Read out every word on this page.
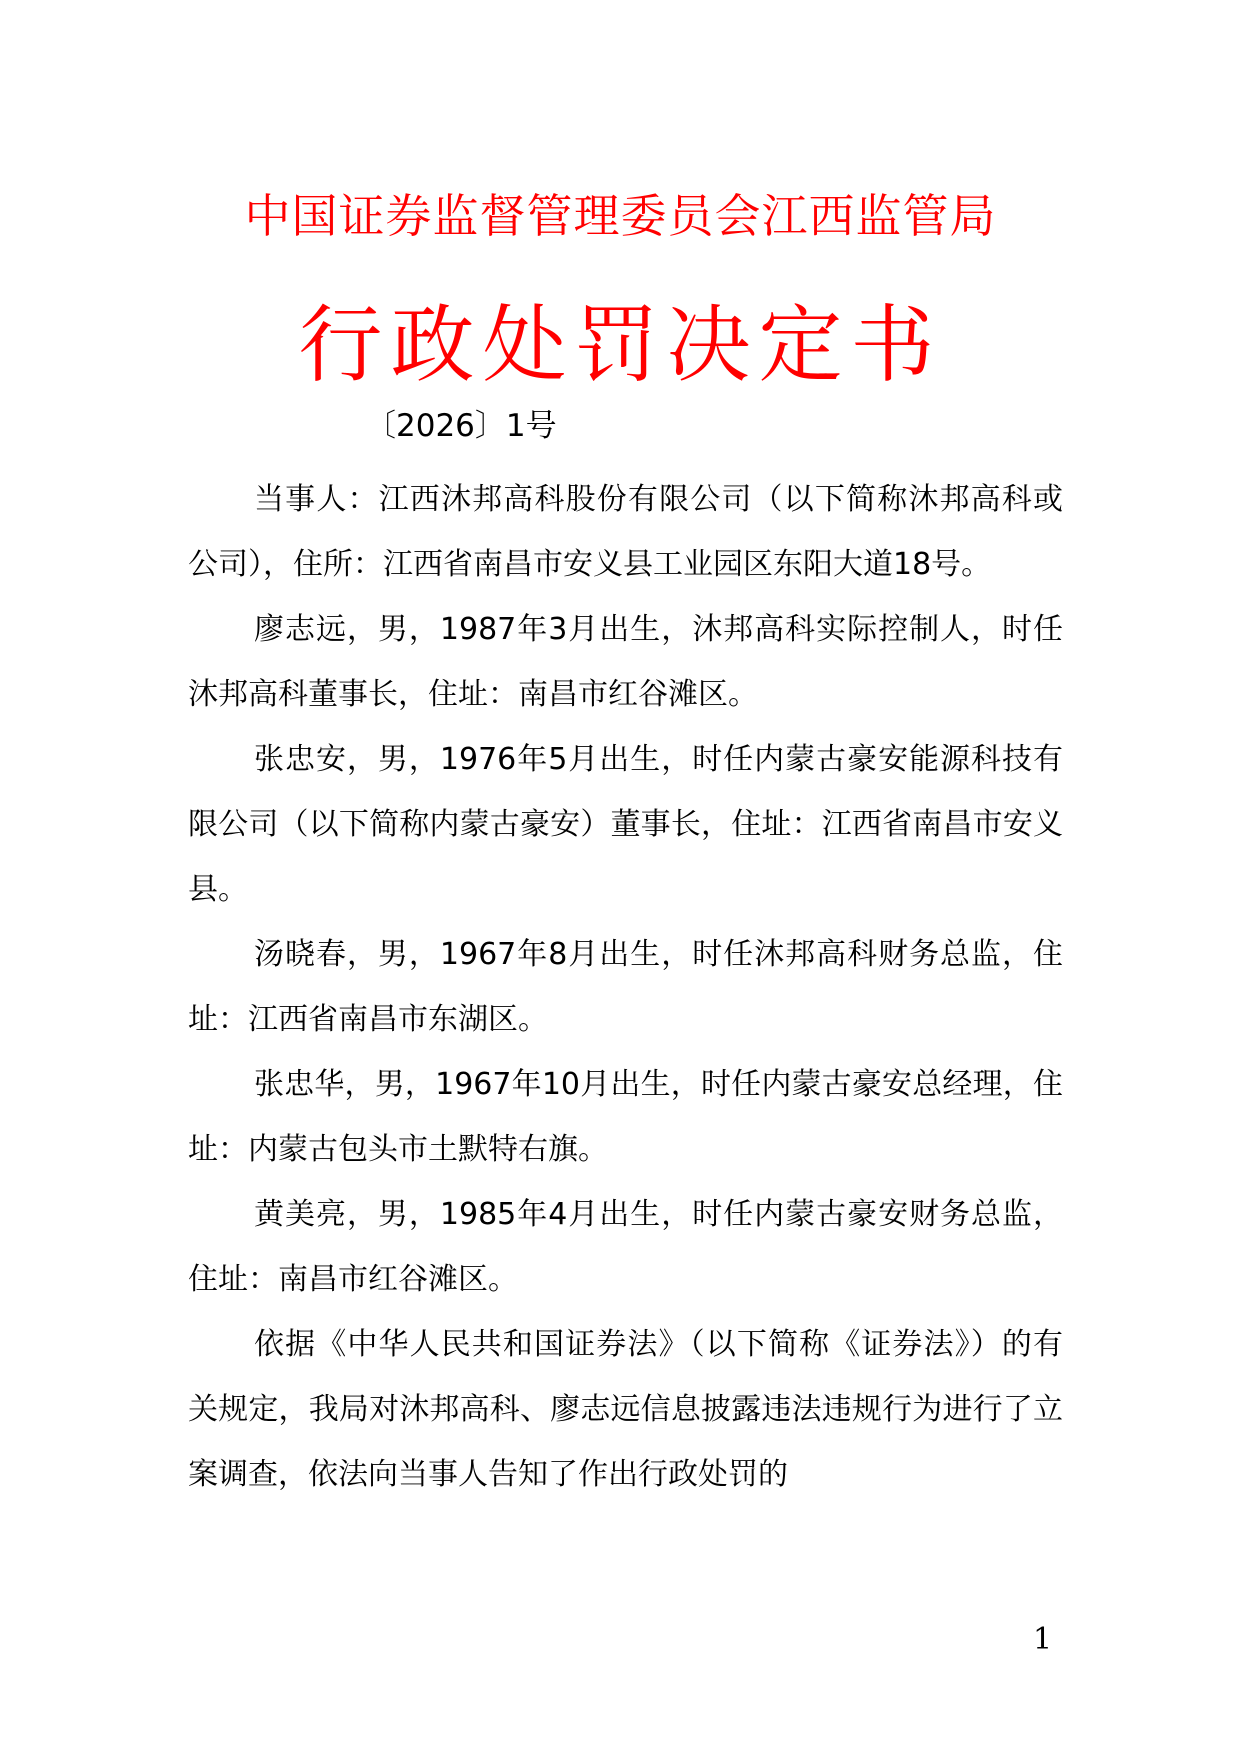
中国证券监督管理委员会江西监管局
行政处罚决定书
〔2026〕1号

当事人：江西沐邦高科股份有限公司（以下简称沐邦高科或公司），住所：江西省南昌市安义县工业园区东阳大道18号。

廖志远，男，1987年3月出生，沐邦高科实际控制人，时任沐邦高科董事长，住址：南昌市红谷滩区。

张忠安，男，1976年5月出生，时任内蒙古豪安能源科技有限公司（以下简称内蒙古豪安）董事长，住址：江西省南昌市安义县。

汤晓春，男，1967年8月出生，时任沐邦高科财务总监，住址：江西省南昌市东湖区。

张忠华，男，1967年10月出生，时任内蒙古豪安总经理，住址：内蒙古包头市土默特右旗。

黄美亮，男，1985年4月出生，时任内蒙古豪安财务总监，住址：南昌市红谷滩区。

依据《中华人民共和国证券法》（以下简称《证券法》）的有关规定，我局对沐邦高科、廖志远信息披露违法违规行为进行了立案调查，依法向当事人告知了作出行政处罚的

1
